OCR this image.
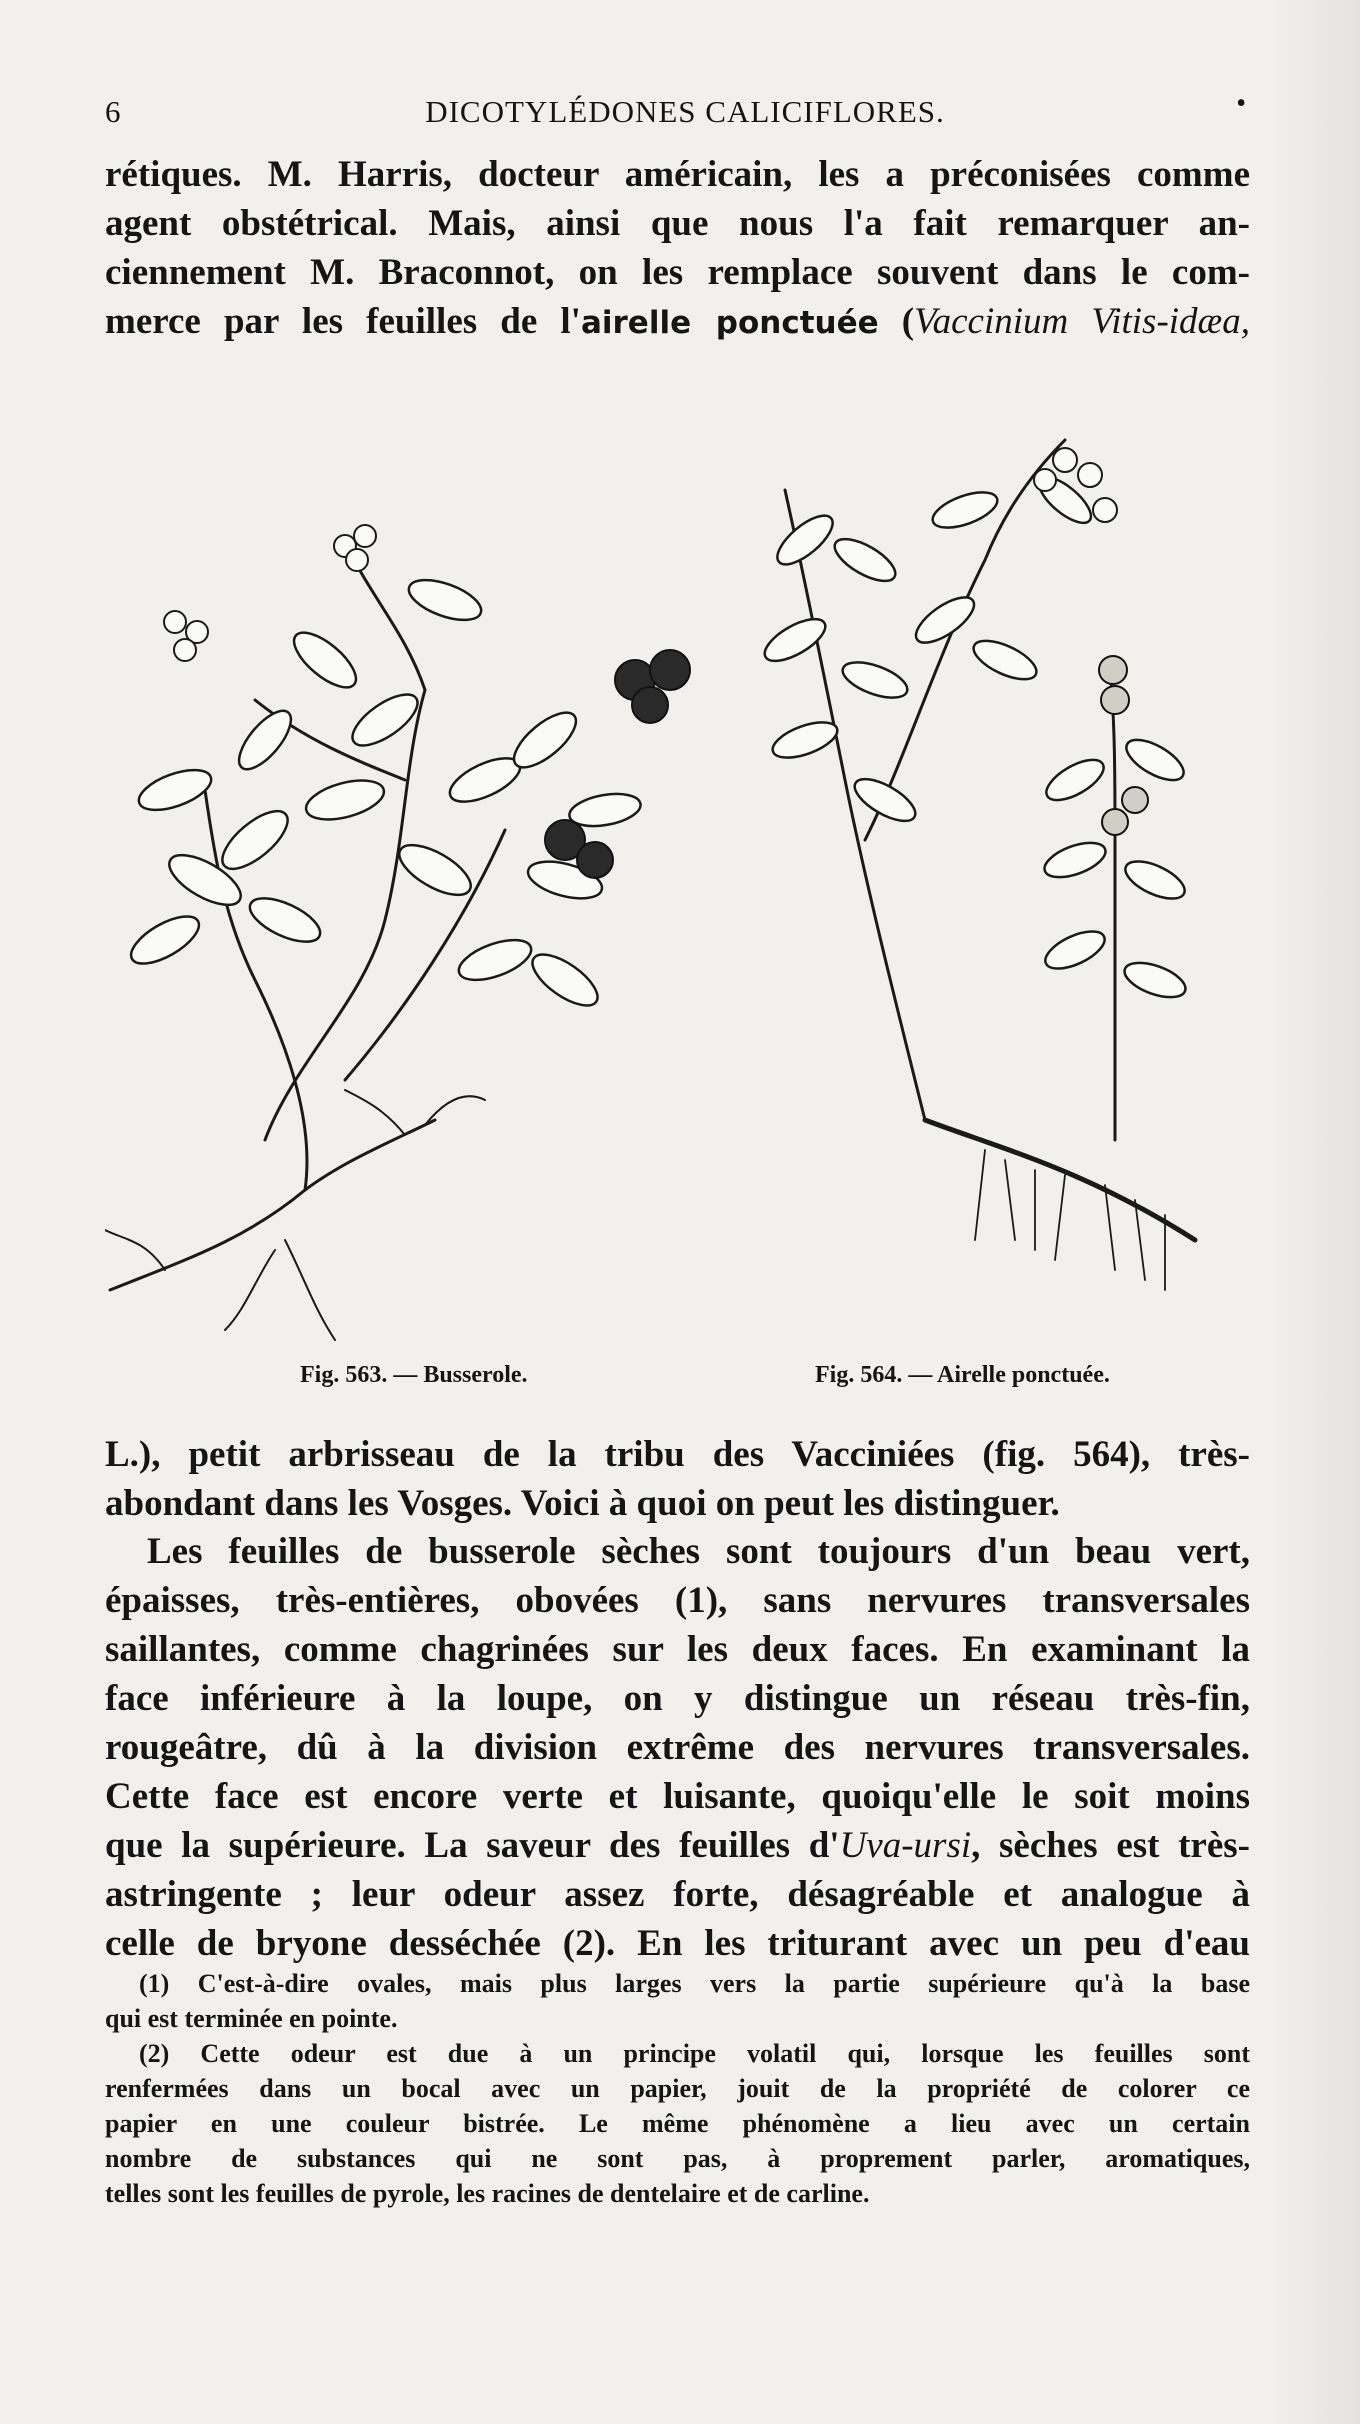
6	DICOTYLÉDONES CALICIFLORES.	•
rétiques. M. Harris, docteur américain, les a préconisées comme
agent obstétrical. Mais, ainsi que nous l'a fait remarquer an-
ciennement M. Braconnot, on les remplace souvent dans le com-
merce par les feuilles de l'airelle ponctuée (Vaccinium Vitis-idæa,
Fig. 563. — Busserole.	Fig. 564. — Airelle ponctuée.
L.), petit arbrisseau de la tribu des Vacciniées (fig. 564), très-
abondant dans les Vosges. Voici à quoi on peut les distinguer.
Les feuilles de busserole sèches sont toujours d'un beau vert,
épaisses, très-entières, obovées (1), sans nervures transversales
saillantes, comme chagrinées sur les deux faces. En examinant la
face inférieure à la loupe, on y distingue un réseau très-fin,
rougeâtre, dû à la division extrême des nervures transversales.
Cette face est encore verte et luisante, quoiqu'elle le soit moins
que la supérieure. La saveur des feuilles d'Uva-ursi, sèches est très-
astringente ; leur odeur assez forte, désagréable et analogue à
celle de bryone desséchée (2). En les triturant avec un peu d'eau
(1) C'est-à-dire ovales, mais plus larges vers la partie supérieure qu'à la base
qui est terminée en pointe.
(2) Cette odeur est due à un principe volatil qui, lorsque les feuilles sont
renfermées dans un bocal avec un papier, jouit de la propriété de colorer ce
papier en une couleur bistrée. Le même phénomène a lieu avec un certain
nombre de substances qui ne sont pas, à proprement parler, aromatiques,
telles sont les feuilles de pyrole, les racines de dentelaire et de carline.
